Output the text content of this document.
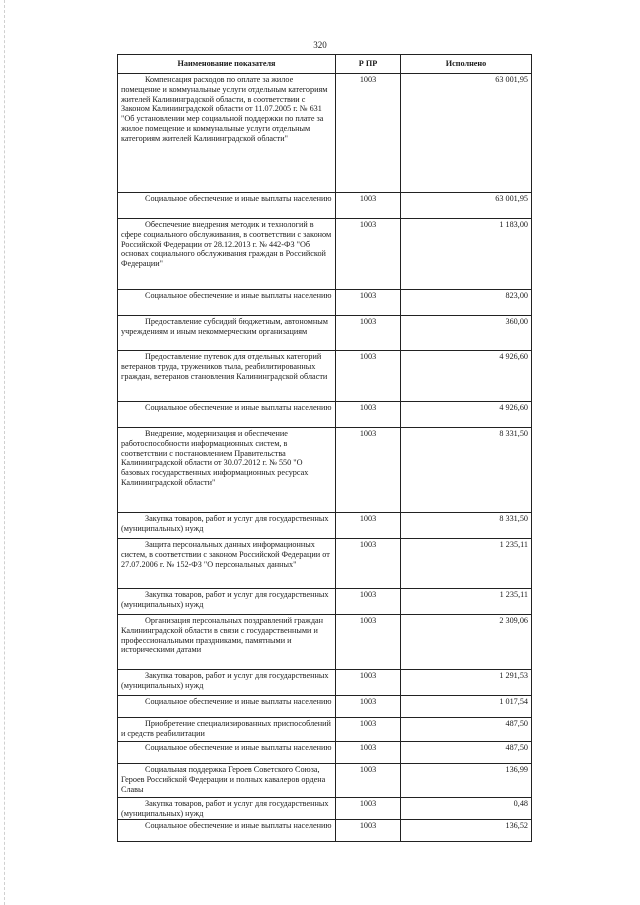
320
Наименование показателя	Р ПР	Исполнено
Компенсация расходов по оплате за жилое помещение и коммунальные услуги отдельным категориям жителей Калининградской области, в соответствии с Законом Калининградской области от 11.07.2005 г. № 631 "Об установлении мер социальной поддержки по плате за жилое помещение и коммунальные услуги отдельным категориям жителей Калининградской области"	1003	63 001,95
Социальное обеспечение и иные выплаты населению	1003	63 001,95
Обеспечение внедрения методик и технологий в сфере социального обслуживания, в соответствии с законом Российской Федерации от 28.12.2013 г. № 442-ФЗ "Об основах социального обслуживания граждан в Российской Федерации"	1003	1 183,00
Социальное обеспечение и иные выплаты населению	1003	823,00
Предоставление субсидий бюджетным, автономным учреждениям и иным некоммерческим организациям	1003	360,00
Предоставление путевок для отдельных категорий ветеранов труда, тружеников тыла, реабилитированных граждан, ветеранов становления Калининградской области	1003	4 926,60
Социальное обеспечение и иные выплаты населению	1003	4 926,60
Внедрение, модернизация и обеспечение работоспособности информационных систем, в соответствии с постановлением Правительства Калининградской области от 30.07.2012 г. № 550 "О базовых государственных информационных ресурсах Калининградской области"	1003	8 331,50
Закупка товаров, работ и услуг для государственных (муниципальных) нужд	1003	8 331,50
Защита персональных данных информационных систем, в соответствии с законом Российской Федерации от 27.07.2006 г. № 152-ФЗ "О персональных данных"	1003	1 235,11
Закупка товаров, работ и услуг для государственных (муниципальных) нужд	1003	1 235,11
Организация персональных поздравлений граждан Калининградской области в связи с государственными и профессиональными праздниками, памятными и историческими датами	1003	2 309,06
Закупка товаров, работ и услуг для государственных (муниципальных) нужд	1003	1 291,53
Социальное обеспечение и иные выплаты населению	1003	1 017,54
Приобретение специализированных приспособлений и средств реабилитации	1003	487,50
Социальное обеспечение и иные выплаты населению	1003	487,50
Социальная поддержка Героев Советского Союза, Героев Российской Федерации и полных кавалеров ордена Славы	1003	136,99
Закупка товаров, работ и услуг для государственных (муниципальных) нужд	1003	0,48
Социальное обеспечение и иные выплаты населению	1003	136,52
